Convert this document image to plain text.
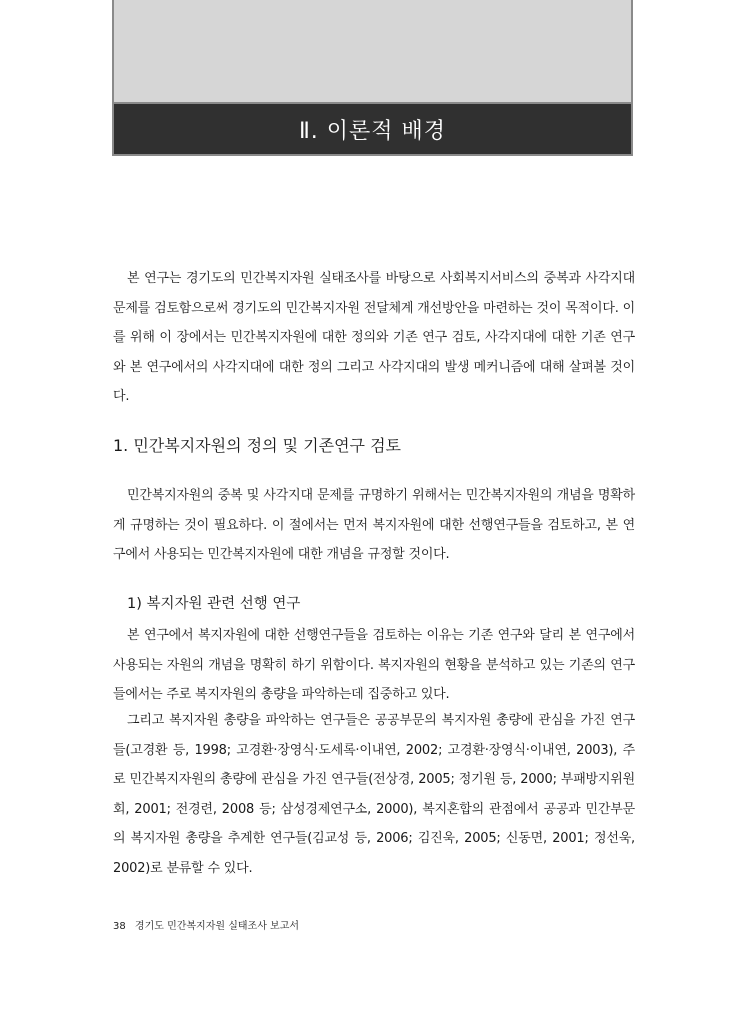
Ⅱ. 이론적 배경

본 연구는 경기도의 민간복지자원 실태조사를 바탕으로 사회복지서비스의 중복과 사각지대 문제를 검토함으로써 경기도의 민간복지자원 전달체계 개선방안을 마련하는 것이 목적이다. 이를 위해 이 장에서는 민간복지자원에 대한 정의와 기존 연구 검토, 사각지대에 대한 기존 연구와 본 연구에서의 사각지대에 대한 정의 그리고 사각지대의 발생 메커니즘에 대해 살펴볼 것이다.

1. 민간복지자원의 정의 및 기존연구 검토

민간복지자원의 중복 및 사각지대 문제를 규명하기 위해서는 민간복지자원의 개념을 명확하게 규명하는 것이 필요하다. 이 절에서는 먼저 복지자원에 대한 선행연구들을 검토하고, 본 연구에서 사용되는 민간복지자원에 대한 개념을 규정할 것이다.

1) 복지자원 관련 선행 연구

본 연구에서 복지자원에 대한 선행연구들을 검토하는 이유는 기존 연구와 달리 본 연구에서 사용되는 자원의 개념을 명확히 하기 위함이다. 복지자원의 현황을 분석하고 있는 기존의 연구들에서는 주로 복지자원의 총량을 파악하는데 집중하고 있다.

그리고 복지자원 총량을 파악하는 연구들은 공공부문의 복지자원 총량에 관심을 가진 연구들(고경환 등, 1998; 고경환·장영식·도세록·이내연, 2002; 고경환·장영식·이내연, 2003), 주로 민간복지자원의 총량에 관심을 가진 연구들(전상경, 2005; 정기원 등, 2000; 부패방지위원회, 2001; 전경련, 2008 등; 삼성경제연구소, 2000), 복지혼합의 관점에서 공공과 민간부문의 복지자원 총량을 추계한 연구들(김교성 등, 2006; 김진욱, 2005; 신동면, 2001; 정선욱, 2002)로 분류할 수 있다.

38 경기도 민간복지자원 실태조사 보고서
